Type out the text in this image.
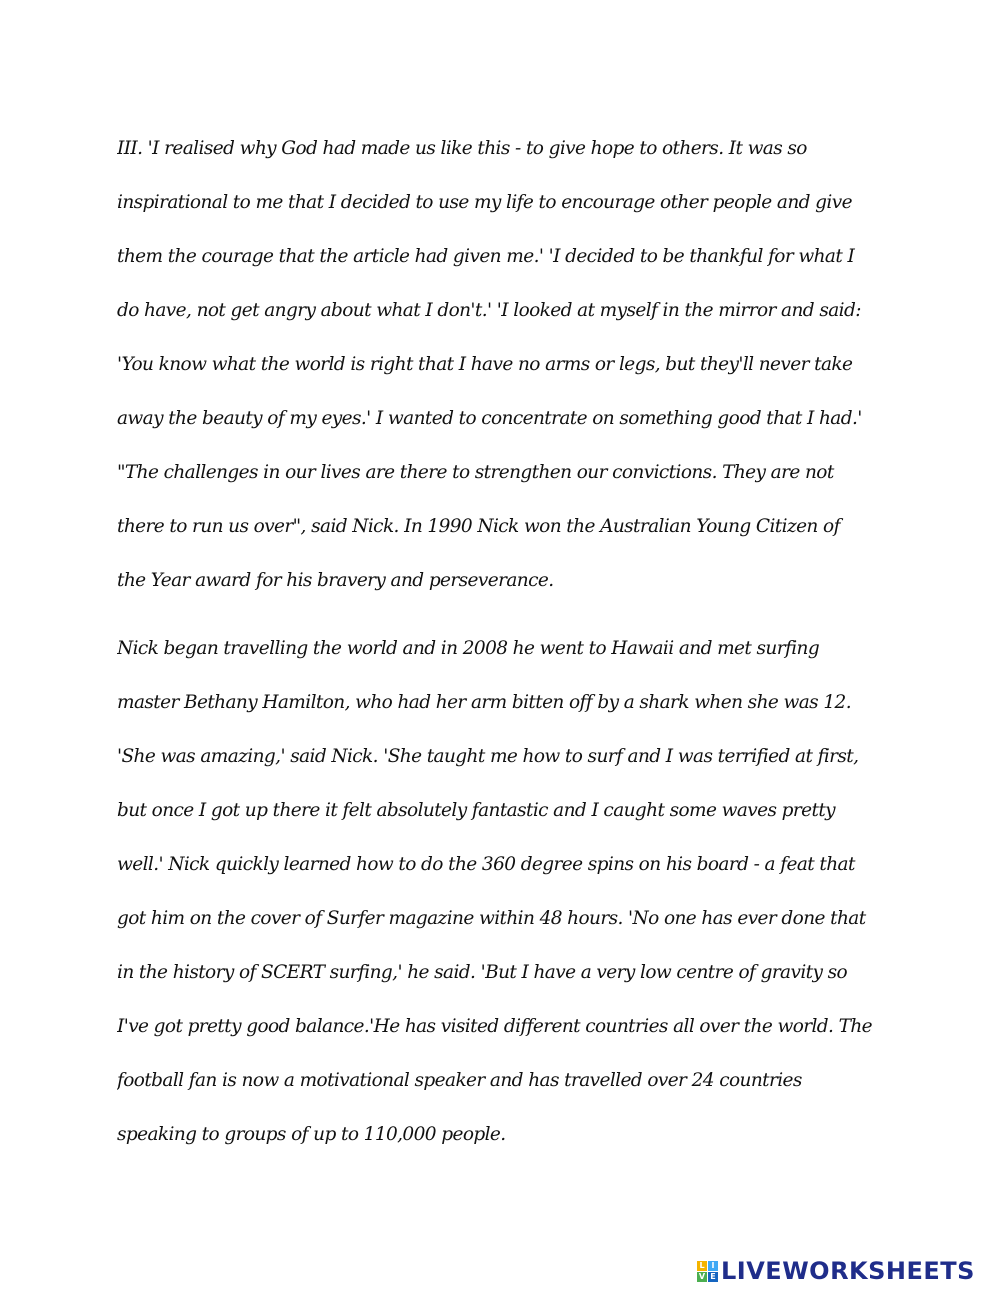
III. 'I realised why God had made us like this - to give hope to others. It was so
inspirational to me that I decided to use my life to encourage other people and give
them the courage that the article had given me.' 'I decided to be thankful for what I
do have, not get angry about what I don't.' 'I looked at myself in the mirror and said:
'You know what the world is right that I have no arms or legs, but they'll never take
away the beauty of my eyes.' I wanted to concentrate on something good that I had.'
"The challenges in our lives are there to strengthen our convictions. They are not
there to run us over", said Nick. In 1990 Nick won the Australian Young Citizen of
the Year award for his bravery and perseverance.
Nick began travelling the world and in 2008 he went to Hawaii and met surfing
master Bethany Hamilton, who had her arm bitten off by a shark when she was 12.
'She was amazing,' said Nick. 'She taught me how to surf and I was terrified at first,
but once I got up there it felt absolutely fantastic and I caught some waves pretty
well.' Nick quickly learned how to do the 360 degree spins on his board - a feat that
got him on the cover of Surfer magazine within 48 hours. 'No one has ever done that
in the history of SCERT surfing,' he said. 'But I have a very low centre of gravity so
I've got pretty good balance.'He has visited different countries all over the world. The
football fan is now a motivational speaker and has travelled over 24 countries
speaking to groups of up to 110,000 people.
L I
V E LIVEWORKSHEETS
